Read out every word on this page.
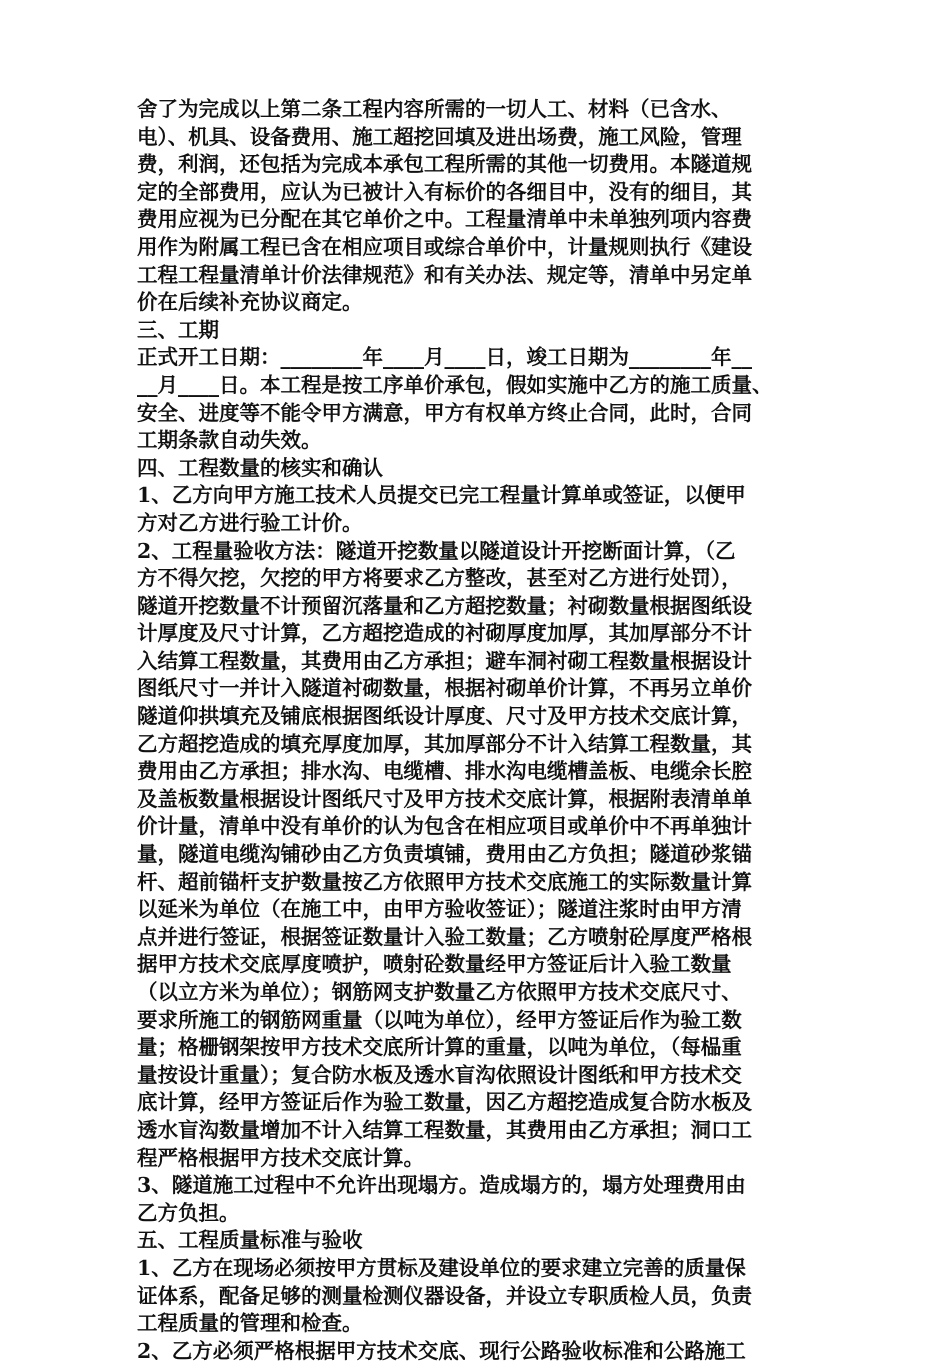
舍了为完成以上第二条工程内容所需的一切人工、材料（已含水、
电）、机具、设备费用、施工超挖回填及进出场费，施工风险，管理
费，利润，还包括为完成本承包工程所需的其他一切费用。本隧道规
定的全部费用，应认为已被计入有标价的各细目中，没有的细目，其
费用应视为已分配在其它单价之中。工程量清单中未单独列项内容费
用作为附属工程已含在相应项目或综合单价中，计量规则执行《建设
工程工程量清单计价法律规范》和有关办法、规定等，清单中另定单
价在后续补充协议商定。
三、工期
正式开工日期：________年____月____日，竣工日期为________年__
__月____日。本工程是按工序单价承包，假如实施中乙方的施工质量、
安全、进度等不能令甲方满意，甲方有权单方终止合同，此时，合同
工期条款自动失效。
四、工程数量的核实和确认
1、乙方向甲方施工技术人员提交已完工程量计算单或签证，以便甲
方对乙方进行验工计价。
2、工程量验收方法：隧道开挖数量以隧道设计开挖断面计算，（乙
方不得欠挖，欠挖的甲方将要求乙方整改，甚至对乙方进行处罚），
隧道开挖数量不计预留沉落量和乙方超挖数量；衬砌数量根据图纸设
计厚度及尺寸计算，乙方超挖造成的衬砌厚度加厚，其加厚部分不计
入结算工程数量，其费用由乙方承担；避车洞衬砌工程数量根据设计
图纸尺寸一并计入隧道衬砌数量，根据衬砌单价计算，不再另立单价
隧道仰拱填充及铺底根据图纸设计厚度、尺寸及甲方技术交底计算，
乙方超挖造成的填充厚度加厚，其加厚部分不计入结算工程数量，其
费用由乙方承担；排水沟、电缆槽、排水沟电缆槽盖板、电缆余长腔
及盖板数量根据设计图纸尺寸及甲方技术交底计算，根据附表清单单
价计量，清单中没有单价的认为包含在相应项目或单价中不再单独计
量，隧道电缆沟铺砂由乙方负责填铺，费用由乙方负担；隧道砂浆锚
杆、超前锚杆支护数量按乙方依照甲方技术交底施工的实际数量计算
以延米为单位（在施工中，由甲方验收签证）；隧道注浆时由甲方清
点并进行签证，根据签证数量计入验工数量；乙方喷射砼厚度严格根
据甲方技术交底厚度喷护，喷射砼数量经甲方签证后计入验工数量
（以立方米为单位）；钢筋网支护数量乙方依照甲方技术交底尺寸、
要求所施工的钢筋网重量（以吨为单位），经甲方签证后作为验工数
量；格栅钢架按甲方技术交底所计算的重量，以吨为单位，（每榀重
量按设计重量）；复合防水板及透水盲沟依照设计图纸和甲方技术交
底计算，经甲方签证后作为验工数量，因乙方超挖造成复合防水板及
透水盲沟数量增加不计入结算工程数量，其费用由乙方承担；洞口工
程严格根据甲方技术交底计算。
3、隧道施工过程中不允许出现塌方。造成塌方的，塌方处理费用由
乙方负担。
五、工程质量标准与验收
1、乙方在现场必须按甲方贯标及建设单位的要求建立完善的质量保
证体系，配备足够的测量检测仪器设备，并设立专职质检人员，负责
工程质量的管理和检查。
2、乙方必须严格根据甲方技术交底、现行公路验收标准和公路施工
